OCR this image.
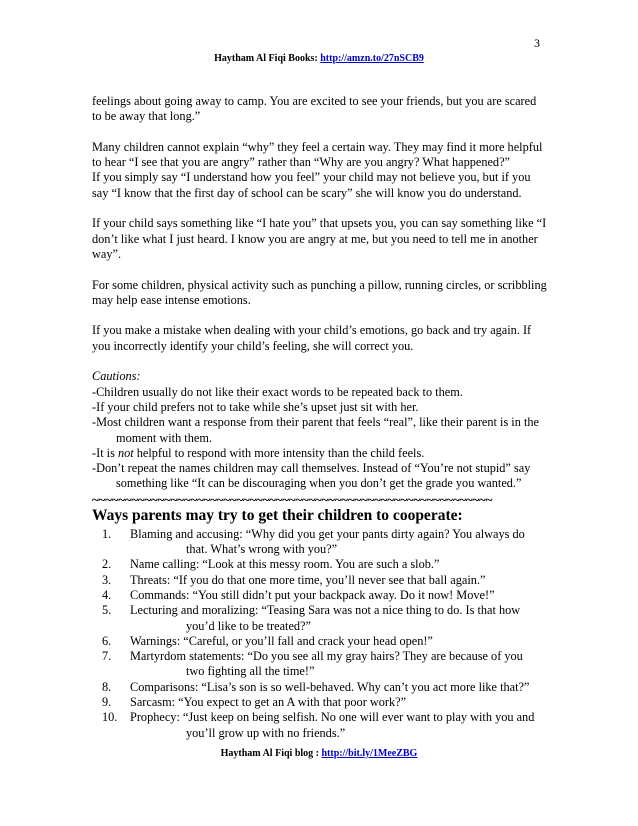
3
Haytham Al Fiqi Books: http://amzn.to/27nSCB9

feelings about going away to camp. You are excited to see your friends, but you are scared to be away that long.”

Many children cannot explain “why” they feel a certain way. They may find it more helpful to hear “I see that you are angry” rather than “Why are you angry? What happened?”

If you simply say “I understand how you feel” your child may not believe you, but if you say “I know that the first day of school can be scary” she will know you do understand.

If your child says something like “I hate you” that upsets you, you can say something like “I don’t like what I just heard. I know you are angry at me, but you need to tell me in another way”.

For some children, physical activity such as punching a pillow, running circles, or scribbling may help ease intense emotions.

If you make a mistake when dealing with your child’s emotions, go back and try again. If you incorrectly identify your child’s feeling, she will correct you.

Cautions:

-Children usually do not like their exact words to be repeated back to them.

-If your child prefers not to take while she’s upset just sit with her.

-Most children want a response from their parent that feels “real”, like their parent is in the moment with them.

-It is not helpful to respond with more intensity than the child feels.

-Don’t repeat the names children may call themselves. Instead of “You’re not stupid” say something like “It can be discouraging when you don’t get the grade you wanted.”

~~~~~~~~~~~~~~~~~~~~~~~~~~~~~~~~~~~~~~~~~~~~~~~~~~~~~~~~~~~~~
Ways parents may try to get their children to cooperate:
1.	Blaming and accusing: “Why did you get your pants dirty again? You always do
that. What’s wrong with you?”
2.	Name calling: “Look at this messy room. You are such a slob.”
3.	Threats: “If you do that one more time, you’ll never see that ball again.”
4.	Commands: “You still didn’t put your backpack away. Do it now! Move!”
5.	Lecturing and moralizing: “Teasing Sara was not a nice thing to do. Is that how
you’d like to be treated?”
6.	Warnings: “Careful, or you’ll fall and crack your head open!”
7.	Martyrdom statements: “Do you see all my gray hairs? They are because of you
two fighting all the time!”
8.	Comparisons: “Lisa’s son is so well-behaved. Why can’t you act more like that?”
9.	Sarcasm: “You expect to get an A with that poor work?”
10.	Prophecy: “Just keep on being selfish. No one will ever want to play with you and
you’ll grow up with no friends.”
Haytham Al Fiqi blog : http://bit.ly/1MeeZBG
